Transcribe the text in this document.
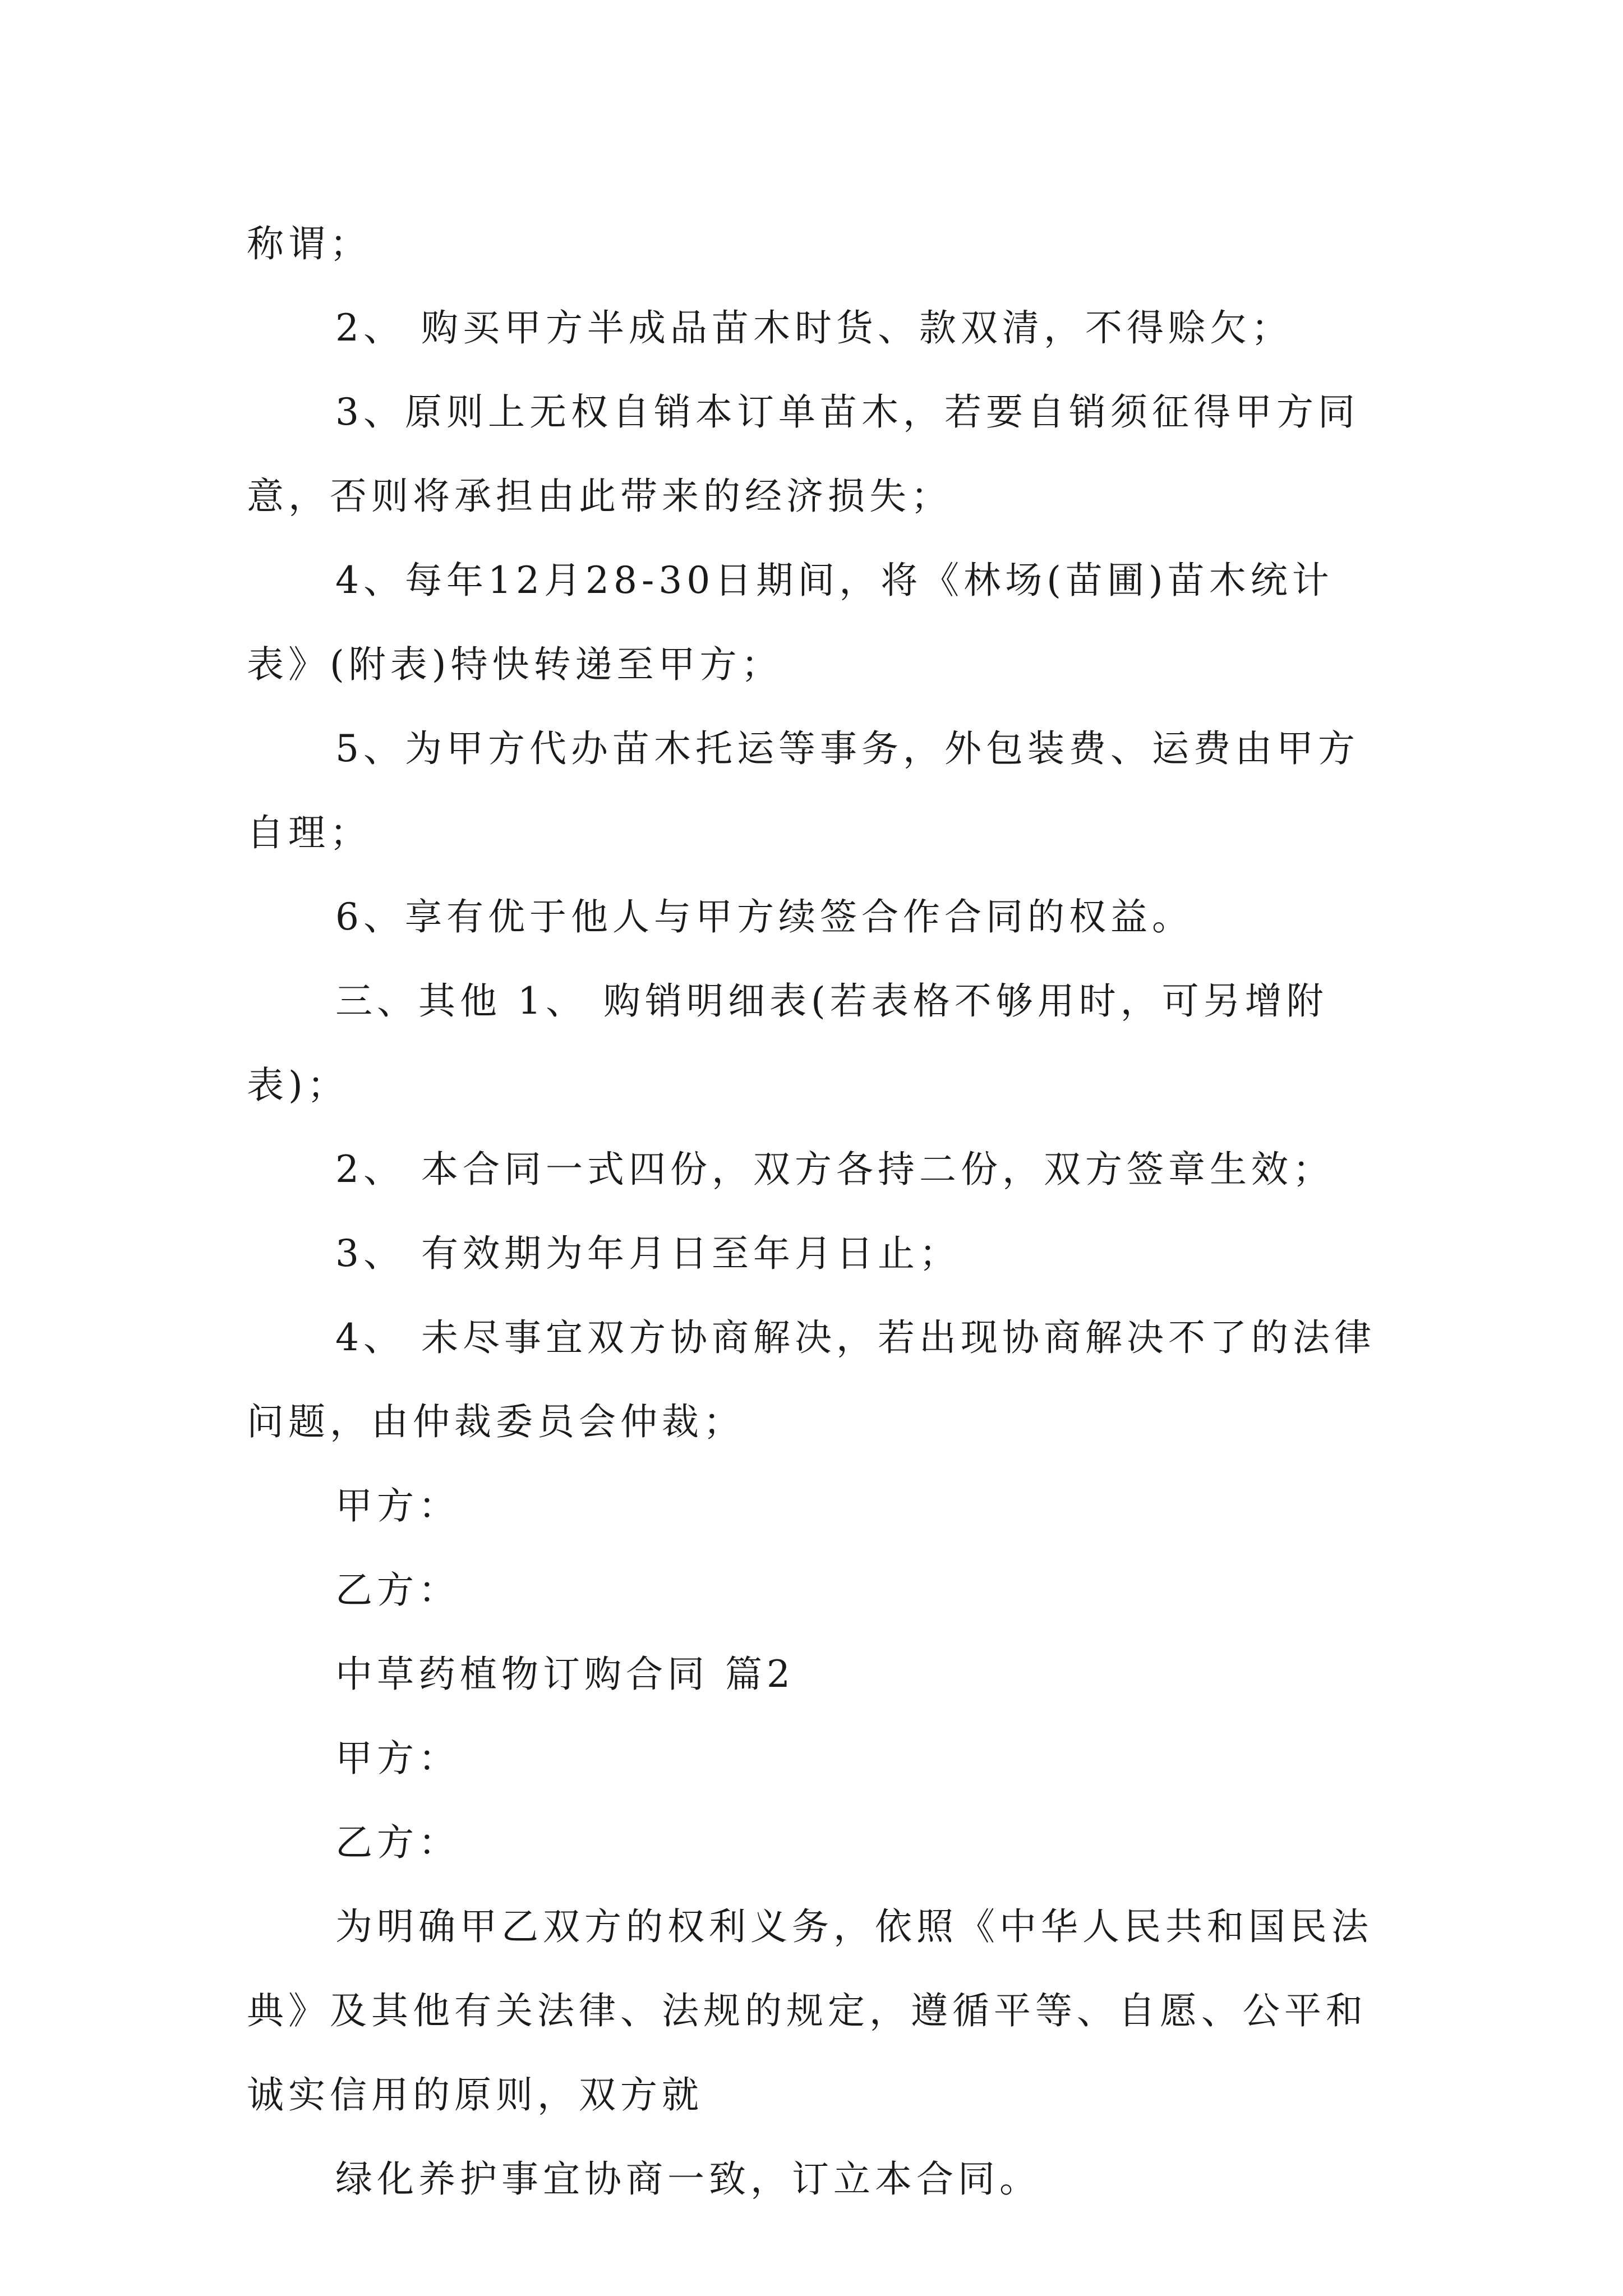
称谓；

2、 购买甲方半成品苗木时货、款双清，不得赊欠；

3、原则上无权自销本订单苗木，若要自销须征得甲方同意，否则将承担由此带来的经济损失；

4、每年12月28-30日期间，将《林场(苗圃)苗木统计表》(附表)特快转递至甲方；

5、为甲方代办苗木托运等事务，外包装费、运费由甲方自理；

6、享有优于他人与甲方续签合作合同的权益。

三、其他 1、 购销明细表(若表格不够用时，可另增附表)；

2、 本合同一式四份，双方各持二份，双方签章生效；

3、 有效期为年月日至年月日止；

4、 未尽事宜双方协商解决，若出现协商解决不了的法律问题，由仲裁委员会仲裁；

甲方：

乙方：

中草药植物订购合同 篇2

甲方：

乙方：

为明确甲乙双方的权利义务，依照《中华人民共和国民法典》及其他有关法律、法规的规定，遵循平等、自愿、公平和诚实信用的原则，双方就

绿化养护事宜协商一致，订立本合同。
